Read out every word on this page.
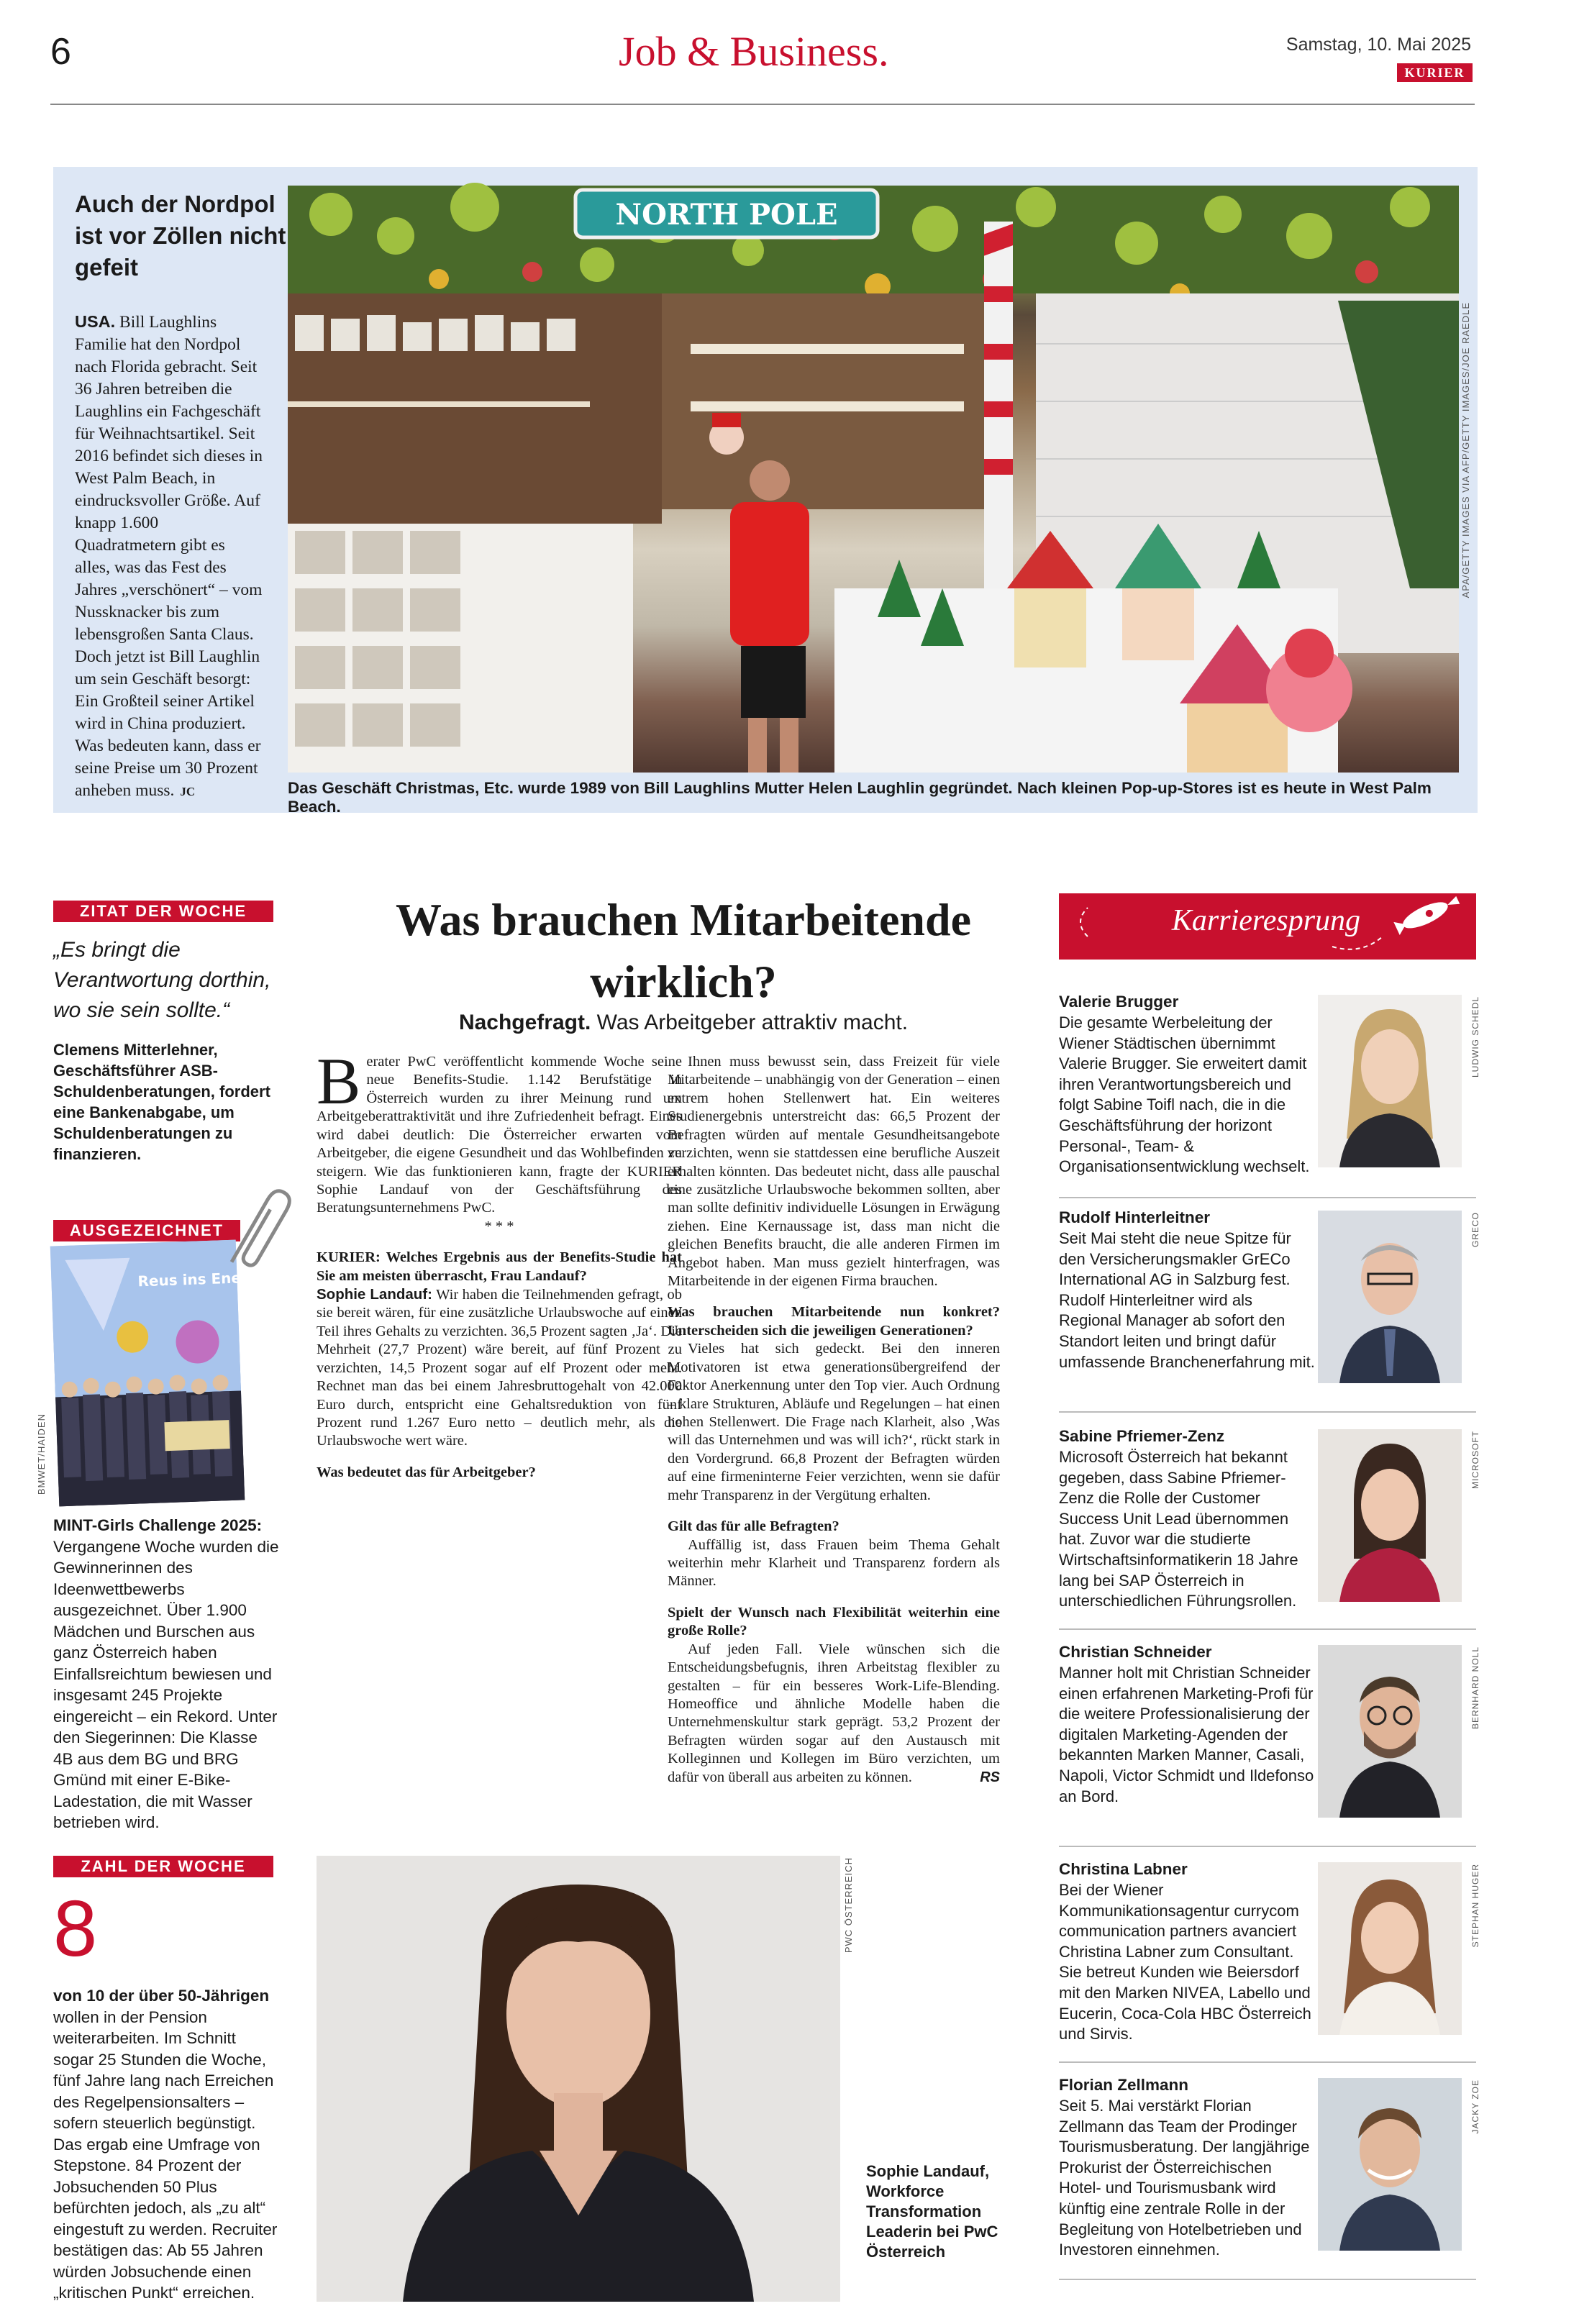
6	Job & Business.	Samstag, 10. Mai 2025
KURIER
Auch der Nordpol ist vor Zöllen nicht gefeit
USA. Bill Laughlins Familie hat den Nordpol nach Florida gebracht. Seit 36 Jahren betreiben die Laughlins ein Fachgeschäft für Weihnachtsartikel. Seit 2016 befindet sich dieses in West Palm Beach, in eindrucksvoller Größe. Auf knapp 1.600 Quadratmetern gibt es alles, was das Fest des Jahres „verschönert“ – vom Nussknacker bis zum lebensgroßen Santa Claus. Doch jetzt ist Bill Laughlin um sein Geschäft besorgt: Ein Großteil seiner Artikel wird in China produziert. Was bedeuten kann, dass er seine Preise um 30 Prozent anheben muss. JC
NORTH POLE
APA/GETTY IMAGES VIA AFP/GETTY IMAGES/JOE RAEDLE
Das Geschäft Christmas, Etc. wurde 1989 von Bill Laughlins Mutter Helen Laughlin gegründet. Nach kleinen Pop-up-Stores ist es heute in West Palm Beach.
ZITAT DER WOCHE
„Es bringt die Verantwortung dorthin, wo sie sein sollte.“
Clemens Mitterlehner, Geschäftsführer ASB-Schuldenberatungen, fordert eine Bankenabgabe, um Schuldenberatungen zu finanzieren.
AUSGEZEICHNET
Reus ins Energie durch
BMWET/HAIDEN
MINT-Girls Challenge 2025: Vergangene Woche wurden die Gewinnerinnen des Ideenwettbewerbs ausgezeichnet. Über 1.900 Mädchen und Burschen aus ganz Österreich haben Einfallsreichtum bewiesen und insgesamt 245 Projekte eingereicht – ein Rekord. Unter den Siegerinnen: Die Klasse 4B aus dem BG und BRG Gmünd mit einer E-Bike-Ladestation, die mit Wasser betrieben wird.
ZAHL DER WOCHE
8
von 10 der über 50-Jährigen wollen in der Pension weiterarbeiten. Im Schnitt sogar 25 Stunden die Woche, fünf Jahre lang nach Erreichen des Regelpensionsalters – sofern steuerlich begünstigt. Das ergab eine Umfrage von Stepstone. 84 Prozent der Jobsuchenden 50 Plus befürchten jedoch, als „zu alt“ eingestuft zu werden. Recruiter bestätigen das: Ab 55 Jahren würden Jobsuchende einen „kritischen Punkt“ erreichen.
Was brauchen Mitarbeitende wirklich?
Nachgefragt. Was Arbeitgeber attraktiv macht.

Berater PwC veröffentlicht kommende Woche seine neue Benefits-Studie. 1.142 Berufstätige in Österreich wurden zu ihrer Meinung rund um Arbeitgeberattraktivität und ihre Zufriedenheit befragt. Eines wird dabei deutlich: Die Österreicher erwarten vom Arbeitgeber, die eigene Gesundheit und das Wohlbefinden zu steigern. Wie das funktionieren kann, fragte der KURIER Sophie Landauf von der Geschäftsführung des Beratungsunternehmens PwC.

* * *

KURIER: Welches Ergebnis aus der Benefits-Studie hat Sie am meisten überrascht, Frau Landauf?

Sophie Landauf: Wir haben die Teilnehmenden gefragt, ob sie bereit wären, für eine zusätzliche Urlaubswoche auf einen Teil ihres Gehalts zu verzichten. 36,5 Prozent sagten ‚Ja‘. Die Mehrheit (27,7 Prozent) wäre bereit, auf fünf Prozent zu verzichten, 14,5 Prozent sogar auf elf Prozent oder mehr. Rechnet man das bei einem Jahresbruttogehalt von 42.000 Euro durch, entspricht eine Gehaltsreduktion von fünf Prozent rund 1.267 Euro netto – deutlich mehr, als die Urlaubswoche wert wäre.

Was bedeutet das für Arbeitgeber?

Ihnen muss bewusst sein, dass Freizeit für viele Mitarbeitende – unabhängig von der Generation – einen extrem hohen Stellenwert hat. Ein weiteres Studienergebnis unterstreicht das: 66,5 Prozent der Befragten würden auf mentale Gesundheitsangebote verzichten, wenn sie stattdessen eine berufliche Auszeit erhalten könnten. Das bedeutet nicht, dass alle pauschal eine zusätzliche Urlaubswoche bekommen sollten, aber man sollte definitiv individuelle Lösungen in Erwägung ziehen. Eine Kernaussage ist, dass man nicht die gleichen Benefits braucht, die alle anderen Firmen im Angebot haben. Man muss gezielt hinterfragen, was Mitarbeitende in der eigenen Firma brauchen.

Was brauchen Mitarbeitende nun konkret? Unterscheiden sich die jeweiligen Generationen?

Vieles hat sich gedeckt. Bei den inneren Motivatoren ist etwa generationsübergreifend der Faktor Anerkennung unter den Top vier. Auch Ordnung – klare Strukturen, Abläufe und Regelungen – hat einen hohen Stellenwert. Die Frage nach Klarheit, also ‚Was will das Unternehmen und was will ich?‘, rückt stark in den Vordergrund. 66,8 Prozent der Befragten würden auf eine firmeninterne Feier verzichten, wenn sie dafür mehr Transparenz in der Vergütung erhalten.

Gilt das für alle Befragten?

Auffällig ist, dass Frauen beim Thema Gehalt weiterhin mehr Klarheit und Transparenz fordern als Männer.

Spielt der Wunsch nach Flexibilität weiterhin eine große Rolle?

Auf jeden Fall. Viele wünschen sich die Entscheidungsbefugnis, ihren Arbeitstag flexibler zu gestalten – für ein besseres Work-Life-Blending. Homeoffice und ähnliche Modelle haben die Unternehmenskultur stark geprägt. 53,2 Prozent der Befragten würden sogar auf den Austausch mit Kolleginnen und Kollegen im Büro verzichten, um dafür von überall aus arbeiten zu können.	RS

PWC ÖSTERREICH
Sophie Landauf, Workforce Transformation Leaderin bei PwC Österreich
Karrieresprung
Valerie Brugger
Die gesamte Werbeleitung der Wiener Städtischen übernimmt Valerie Brugger. Sie erweitert damit ihren Verantwortungsbereich und folgt Sabine Toifl nach, die in die Geschäftsführung der horizont Personal-, Team- & Organisationsentwicklung wechselt.
LUDWIG SCHEDL
Rudolf Hinterleitner
Seit Mai steht die neue Spitze für den Versicherungsmakler GrECo International AG in Salzburg fest. Rudolf Hinterleitner wird als Regional Manager ab sofort den Standort leiten und bringt dafür umfassende Branchenerfahrung mit.
GRECO
Sabine Pfriemer-Zenz
Microsoft Österreich hat bekannt gegeben, dass Sabine Pfriemer-Zenz die Rolle der Customer Success Unit Lead übernommen hat. Zuvor war die studierte Wirtschaftsinformatikerin 18 Jahre lang bei SAP Österreich in unterschiedlichen Führungsrollen.
MICROSOFT
Christian Schneider
Manner holt mit Christian Schneider einen erfahrenen Marketing-Profi für die weitere Professionalisierung der digitalen Marketing-Agenden der bekannten Marken Manner, Casali, Napoli, Victor Schmidt und Ildefonso an Bord.
BERNHARD NOLL
Christina Labner
Bei der Wiener Kommunikationsagentur currycom communication partners avanciert Christina Labner zum Consultant. Sie betreut Kunden wie Beiersdorf mit den Marken NIVEA, Labello und Eucerin, Coca-Cola HBC Österreich und Sirvis.
STEPHAN HUGER
Florian Zellmann
Seit 5. Mai verstärkt Florian Zellmann das Team der Prodinger Tourismusberatung. Der langjährige Prokurist der Österreichischen Hotel- und Tourismusbank wird künftig eine zentrale Rolle in der Begleitung von Hotelbetrieben und Investoren einnehmen.
JACKY ZOE
